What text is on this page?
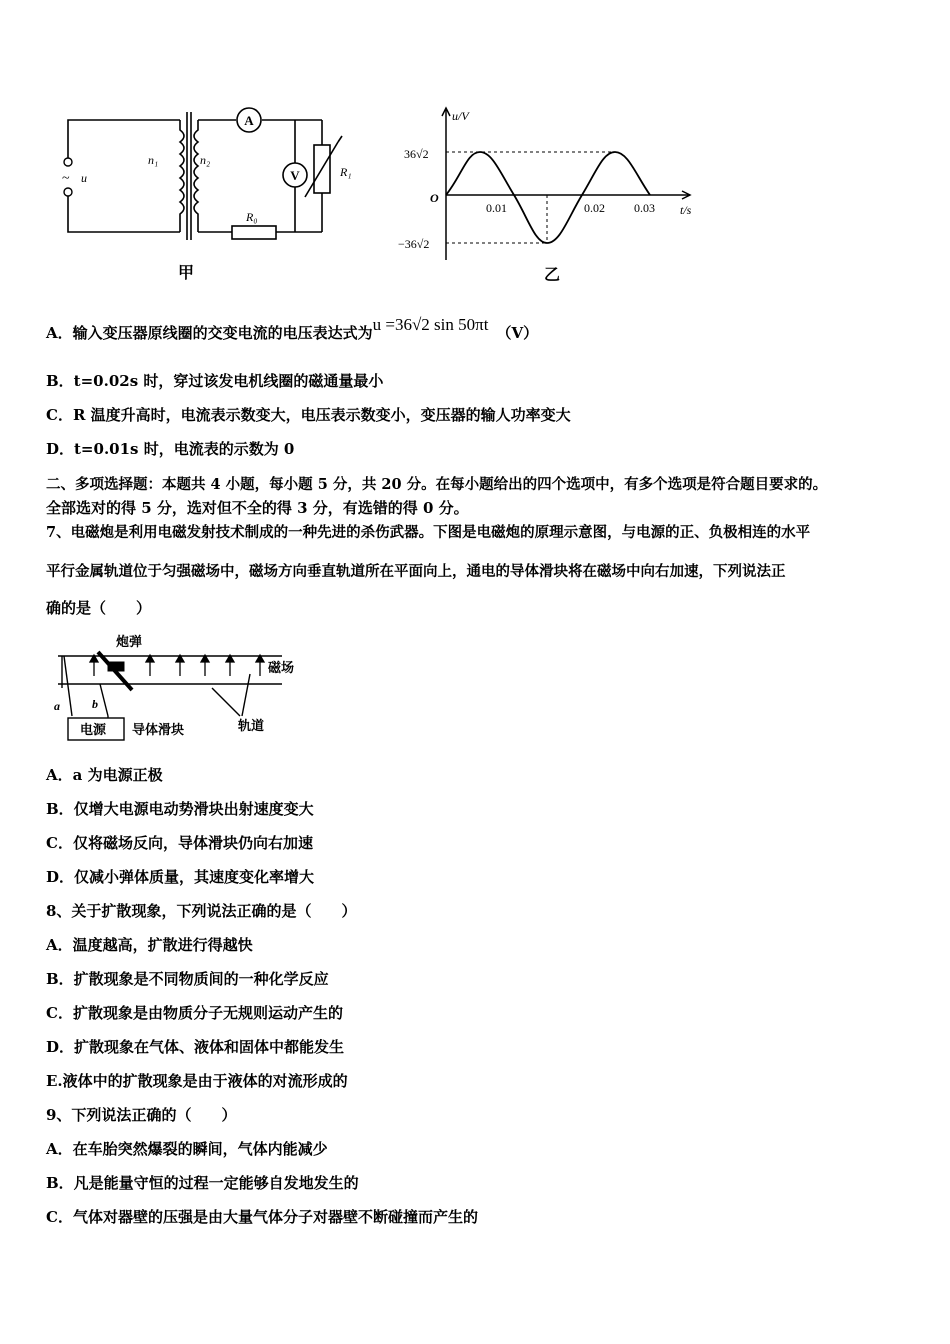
~
A
V
u
n₁	n₂
R₁
R₀
甲
u/V
t/s
O
36√2
−36√2
0.01	0.02 0.03
乙
A．输入变压器原线圈的交变电流的电压表达式为u =36√2 sin 50πt （V）
B．t=0.02s 时，穿过该发电机线圈的磁通量最小
C．R 温度升高时，电流表示数变大，电压表示数变小，变压器的输人功率变大
D．t=0.01s 时，电流表的示数为 0
二、多项选择题：本题共 4 小题，每小题 5 分，共 20 分。在每小题给出的四个选项中，有多个选项是符合题目要求的。
全部选对的得 5 分，选对但不全的得 3 分，有选错的得 0 分。
7、电磁炮是利用电磁发射技术制成的一种先进的杀伤武器。下图是电磁炮的原理示意图，与电源的正、负极相连的水平
平行金属轨道位于匀强磁场中，磁场方向垂直轨道所在平面向上，通电的导体滑块将在磁场中向右加速，下列说法正
确的是（　　）
炮弹
磁场
导体滑块	轨道
电源
a	b
A．a 为电源正极
B．仅增大电源电动势滑块出射速度变大
C．仅将磁场反向，导体滑块仍向右加速
D．仅减小弹体质量，其速度变化率增大
8、关于扩散现象，下列说法正确的是（　　）
A．温度越高，扩散进行得越快
B．扩散现象是不同物质间的一种化学反应
C．扩散现象是由物质分子无规则运动产生的
D．扩散现象在气体、液体和固体中都能发生
E.液体中的扩散现象是由于液体的对流形成的
9、下列说法正确的（　　）
A．在车胎突然爆裂的瞬间，气体内能减少
B．凡是能量守恒的过程一定能够自发地发生的
C．气体对器壁的压强是由大量气体分子对器壁不断碰撞而产生的
